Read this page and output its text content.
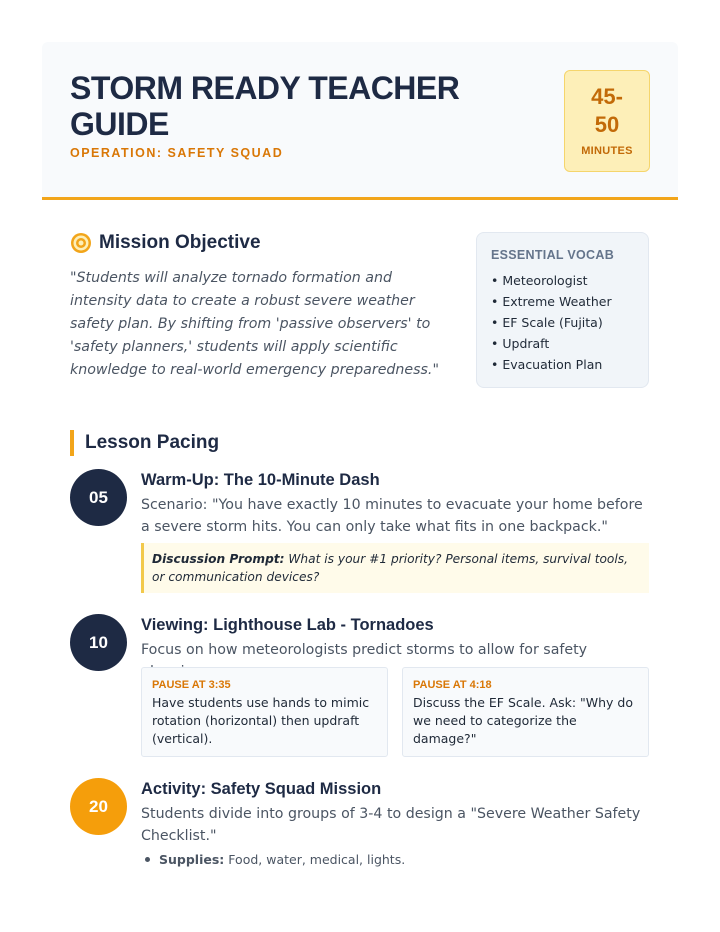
STORM READY TEACHER GUIDE
OPERATION: SAFETY SQUAD
45-
50
MINUTES
Mission Objective
"Students will analyze tornado formation and intensity data to create a robust severe weather safety plan. By shifting from 'passive observers' to 'safety planners,' students will apply scientific knowledge to real-world emergency preparedness."
ESSENTIAL VOCAB
• Meteorologist
• Extreme Weather
• EF Scale (Fujita)
• Updraft
• Evacuation Plan
Lesson Pacing
05
Warm-Up: The 10-Minute Dash
Scenario: "You have exactly 10 minutes to evacuate your home before a severe storm hits. You can only take what fits in one backpack."
Discussion Prompt: What is your #1 priority? Personal items, survival tools, or communication devices?
10
Viewing: Lighthouse Lab - Tornadoes
Focus on how meteorologists predict storms to allow for safety
PAUSE AT 3:35
Have students use hands to mimic rotation (horizontal) then updraft (vertical).
PAUSE AT 4:18
Discuss the EF Scale. Ask: "Why do we need to categorize the damage?"
20
Activity: Safety Squad Mission
Students divide into groups of 3-4 to design a "Severe Weather Safety Checklist."
Supplies: Food, water, medical, lights.
